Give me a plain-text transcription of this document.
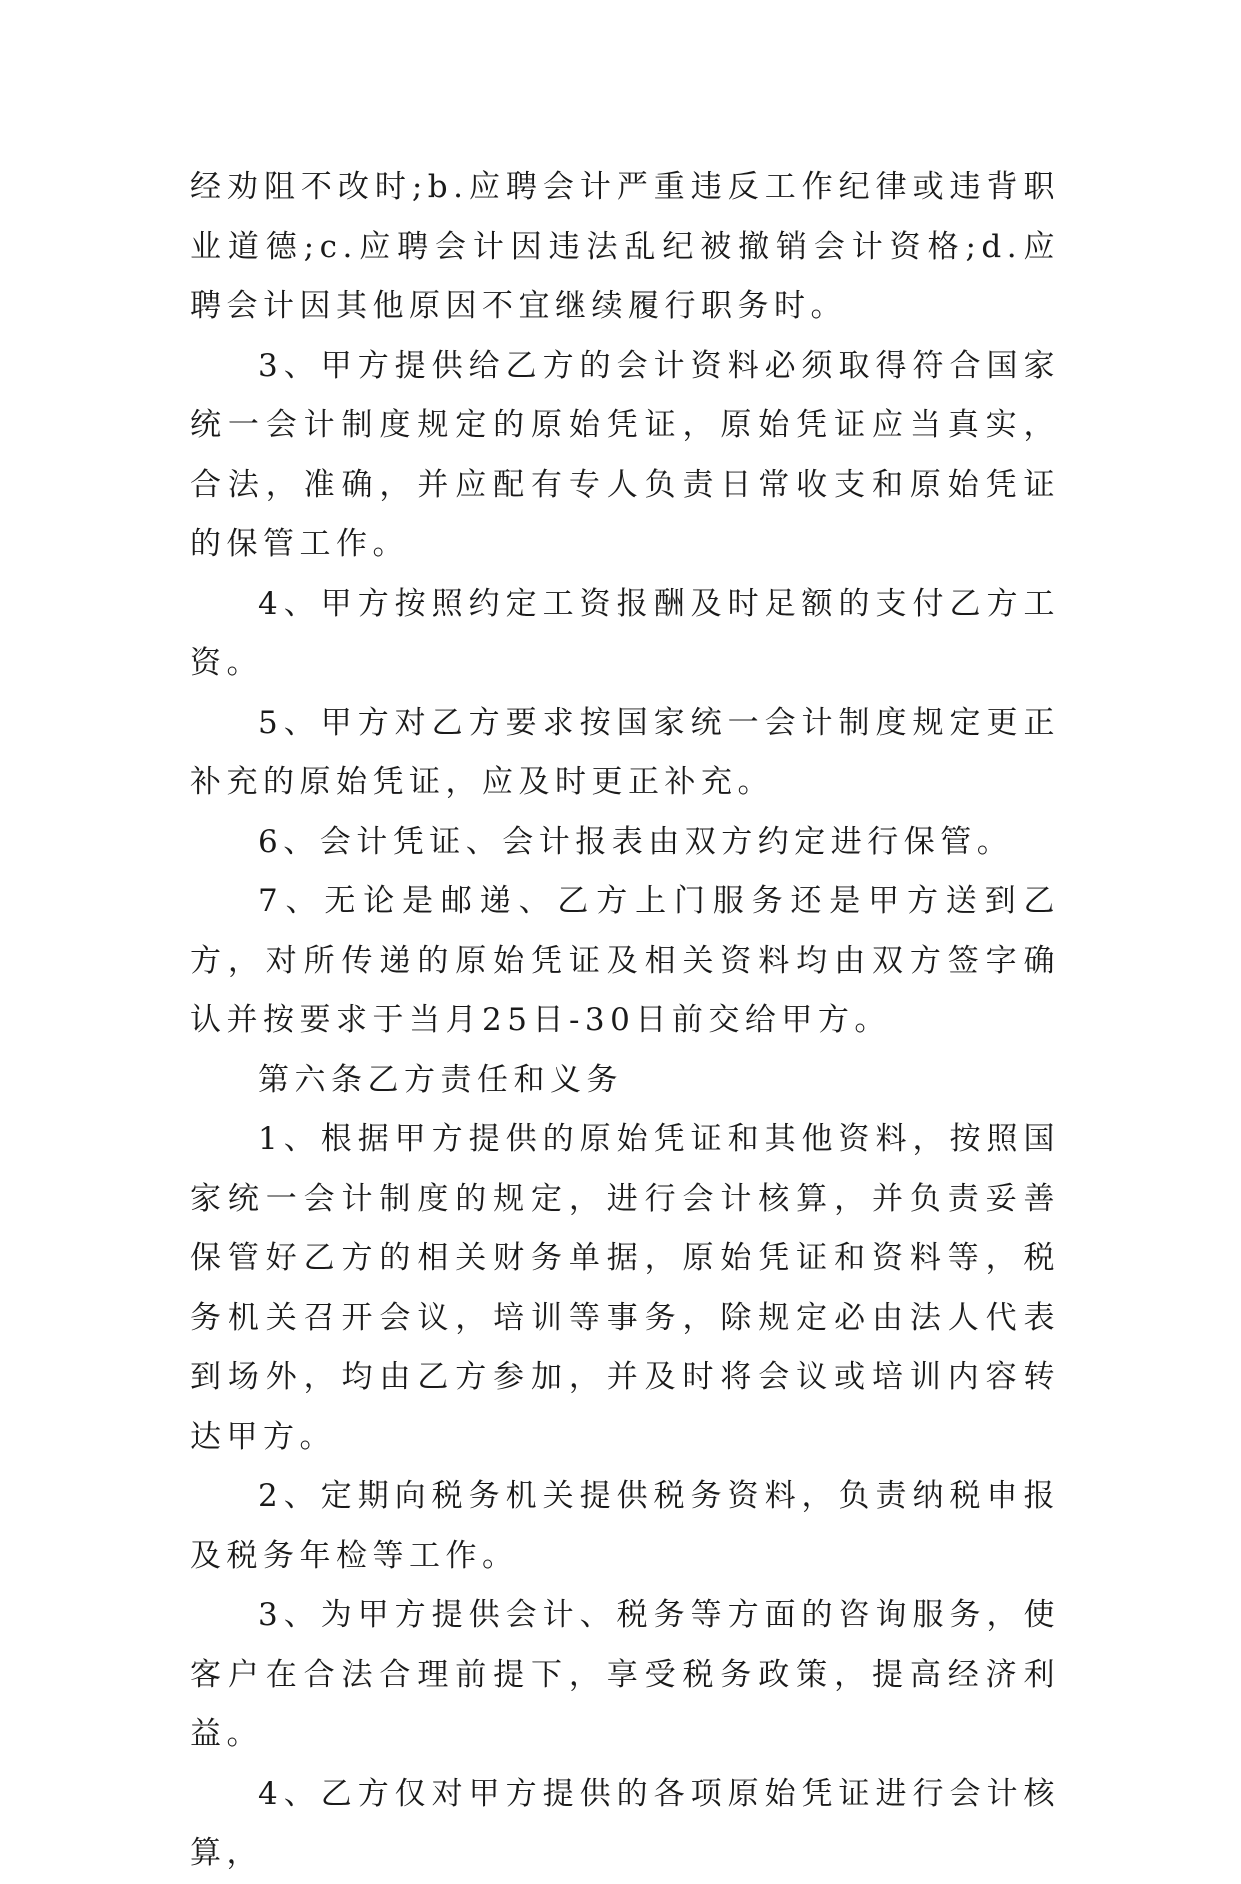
经劝阻不改时;b.应聘会计严重违反工作纪律或违背职业道德;c.应聘会计因违法乱纪被撤销会计资格;d.应聘会计因其他原因不宜继续履行职务时。

3、甲方提供给乙方的会计资料必须取得符合国家统一会计制度规定的原始凭证，原始凭证应当真实，合法，准确，并应配有专人负责日常收支和原始凭证的保管工作。

4、甲方按照约定工资报酬及时足额的支付乙方工资。

5、甲方对乙方要求按国家统一会计制度规定更正补充的原始凭证，应及时更正补充。

6、会计凭证、会计报表由双方约定进行保管。

7、无论是邮递、乙方上门服务还是甲方送到乙方，对所传递的原始凭证及相关资料均由双方签字确认并按要求于当月25日-30日前交给甲方。

第六条乙方责任和义务

1、根据甲方提供的原始凭证和其他资料，按照国家统一会计制度的规定，进行会计核算，并负责妥善保管好乙方的相关财务单据，原始凭证和资料等，税务机关召开会议，培训等事务，除规定必由法人代表到场外，均由乙方参加，并及时将会议或培训内容转达甲方。

2、定期向税务机关提供税务资料，负责纳税申报及税务年检等工作。

3、为甲方提供会计、税务等方面的咨询服务，使客户在合法合理前提下，享受税务政策，提高经济利益。

4、乙方仅对甲方提供的各项原始凭证进行会计核算，
